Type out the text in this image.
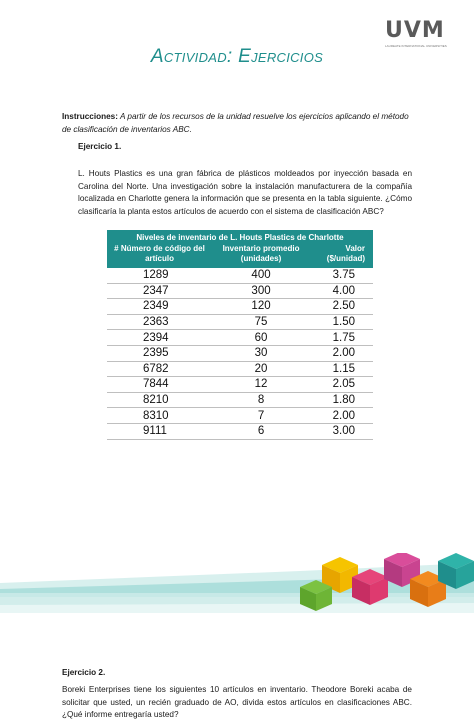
UVM
LAUREATE INTERNATIONAL UNIVERSITIES
Actividad: Ejercicios
Instrucciones: A partir de los recursos de la unidad resuelve los ejercicios aplicando el método de clasificación de inventarios ABC.
Ejercicio 1.
L. Houts Plastics es una gran fábrica de plásticos moldeados por inyección basada en Carolina del Norte. Una investigación sobre la instalación manufacturera de la compañía localizada en Charlotte genera la información que se presenta en la tabla siguiente. ¿Cómo clasificaría la planta estos artículos de acuerdo con el sistema de clasificación ABC?
Niveles de inventario de L. Houts Plastics de Charlotte		
# Número de código del artículo	Inventario promedio (unidades)	Valor ($/unidad)
1289	400	3.75
2347	300	4.00
2349	120	2.50
2363	75	1.50
2394	60	1.75
2395	30	2.00
6782	20	1.15
7844	12	2.05
8210	8	1.80
8310	7	2.00
9111	6	3.00
Ejercicio 2.
Boreki Enterprises tiene los siguientes 10 artículos en inventario. Theodore Boreki acaba de solicitar que usted, un recién graduado de AO, divida estos artículos en clasificaciones ABC. ¿Qué informe entregaría usted?
